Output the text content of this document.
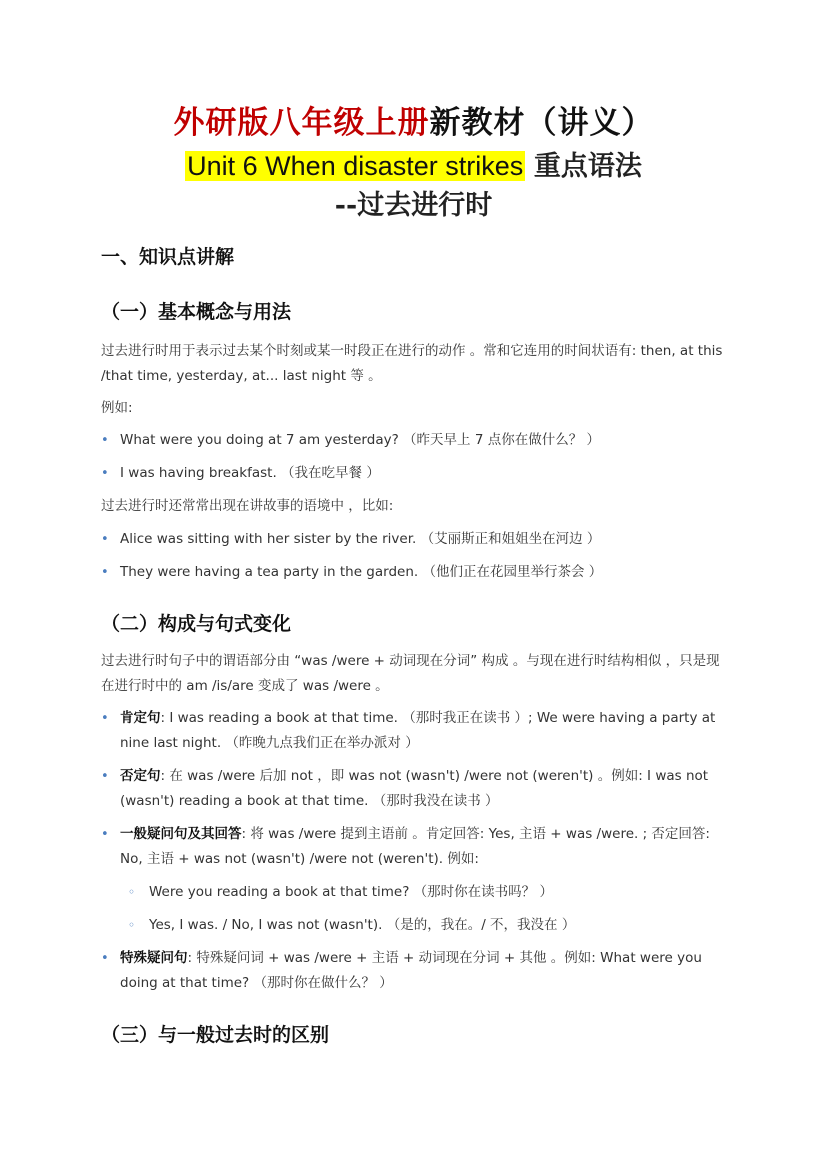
外研版八年级上册新教材（讲义）
Unit 6 When disaster strikes 重点语法
--过去进行时
一、知识点讲解
（一）基本概念与用法
过去进行时用于表示过去某个时刻或某一时段正在进行的动作 。常和它连用的时间状语有: then, at this /that time, yesterday, at... last night 等 。
例如:
• What were you doing at 7 am yesterday? （昨天早上 7 点你在做什么？ ）
• I was having breakfast. （我在吃早餐 ）
过去进行时还常常出现在讲故事的语境中 ，比如:
• Alice was sitting with her sister by the river. （艾丽斯正和姐姐坐在河边 ）
• They were having a tea party in the garden. （他们正在花园里举行茶会 ）
（二）构成与句式变化
过去进行时句子中的谓语部分由 “was /were + 动词现在分词” 构成 。与现在进行时结构相似 ，只是现在进行时中的 am /is/are 变成了 was /were 。
• 肯定句: I was reading a book at that time. （那时我正在读书 ）; We were having a party at nine last night. （昨晚九点我们正在举办派对 ）
• 否定句: 在 was /were 后加 not ，即 was not (wasn't) /were not (weren't) 。例如: I was not (wasn't) reading a book at that time. （那时我没在读书 ）
• 一般疑问句及其回答: 将 was /were 提到主语前 。肯定回答: Yes, 主语 + was /were. ; 否定回答: No, 主语 + was not (wasn't) /were not (weren't). 例如:
◦ Were you reading a book at that time? （那时你在读书吗？ ）
◦ Yes, I was. / No, I was not (wasn't). （是的，我在。/ 不，我没在 ）
• 特殊疑问句: 特殊疑问词 + was /were + 主语 + 动词现在分词 + 其他 。例如: What were you doing at that time? （那时你在做什么？ ）
（三）与一般过去时的区别
